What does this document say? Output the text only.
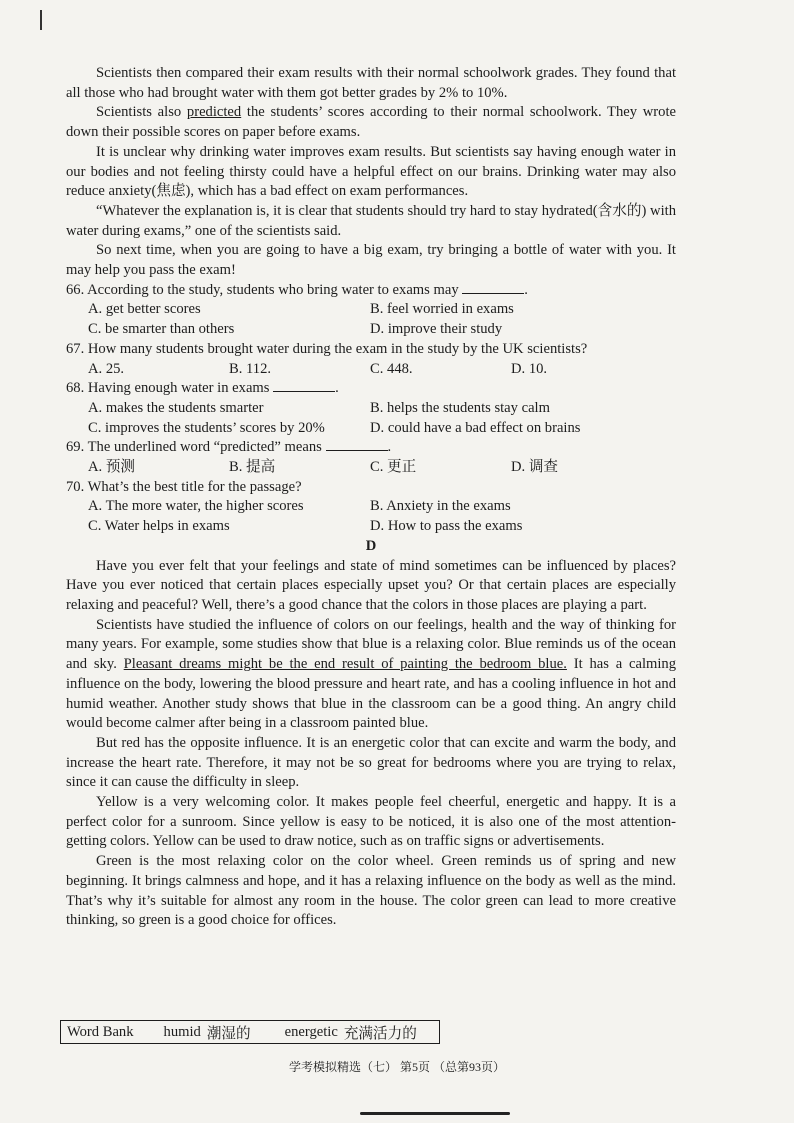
Scientists then compared their exam results with their normal schoolwork grades. They found that all those who had brought water with them got better grades by 2% to 10%.

Scientists also predicted the students’ scores according to their normal schoolwork. They wrote down their possible scores on paper before exams.

It is unclear why drinking water improves exam results. But scientists say having enough water in our bodies and not feeling thirsty could have a helpful effect on our brains. Drinking water may also reduce anxiety(焦虑), which has a bad effect on exam performances.

“Whatever the explanation is, it is clear that students should try hard to stay hydrated(含水的) with water during exams,” one of the scientists said.

So next time, when you are going to have a big exam, try bringing a bottle of water with you. It may help you pass the exam!

66. According to the study, students who bring water to exams may	.

A. get better scores	B. feel worried in exams
C. be smarter than others	D. improve their study

67. How many students brought water during the exam in the study by the UK scientists?

A. 25.	B. 112.	C. 448.	D. 10.

68. Having enough water in exams	.

A. makes the students smarter	B. helps the students stay calm
C. improves the students’ scores by 20%	D. could have a bad effect on brains

69. The underlined word “predicted” means	.

A. 预测	B. 提高	C. 更正	D. 调查

70. What’s the best title for the passage?

A. The more water, the higher scores	B. Anxiety in the exams
C. Water helps in exams	D. How to pass the exams

D

Have you ever felt that your feelings and state of mind sometimes can be influenced by places? Have you ever noticed that certain places especially upset you? Or that certain places are especially relaxing and peaceful? Well, there’s a good chance that the colors in those places are playing a part.

Scientists have studied the influence of colors on our feelings, health and the way of thinking for many years. For example, some studies show that blue is a relaxing color. Blue reminds us of the ocean and sky. Pleasant dreams might be the end result of painting the bedroom blue. It has a calming influence on the body, lowering the blood pressure and heart rate, and has a cooling influence in hot and humid weather. Another study shows that blue in the classroom can be a good thing. An angry child would become calmer after being in a classroom painted blue.

But red has the opposite influence. It is an energetic color that can excite and warm the body, and increase the heart rate. Therefore, it may not be so great for bedrooms where you are trying to relax, since it can cause the difficulty in sleep.

Yellow is a very welcoming color. It makes people feel cheerful, energetic and happy. It is a perfect color for a sunroom. Since yellow is easy to be noticed, it is also one of the most attention-getting colors. Yellow can be used to draw notice, such as on traffic signs or advertisements.

Green is the most relaxing color on the color wheel. Green reminds us of spring and new beginning. It brings calmness and hope, and it has a relaxing influence on the body as well as the mind. That’s why it’s suitable for almost any room in the house. The color green can lead to more creative thinking, so green is a good choice for offices.

Word Bank humid 潮湿的 energetic 充满活力的
学考模拟精选（七） 第5页 （总第93页）
